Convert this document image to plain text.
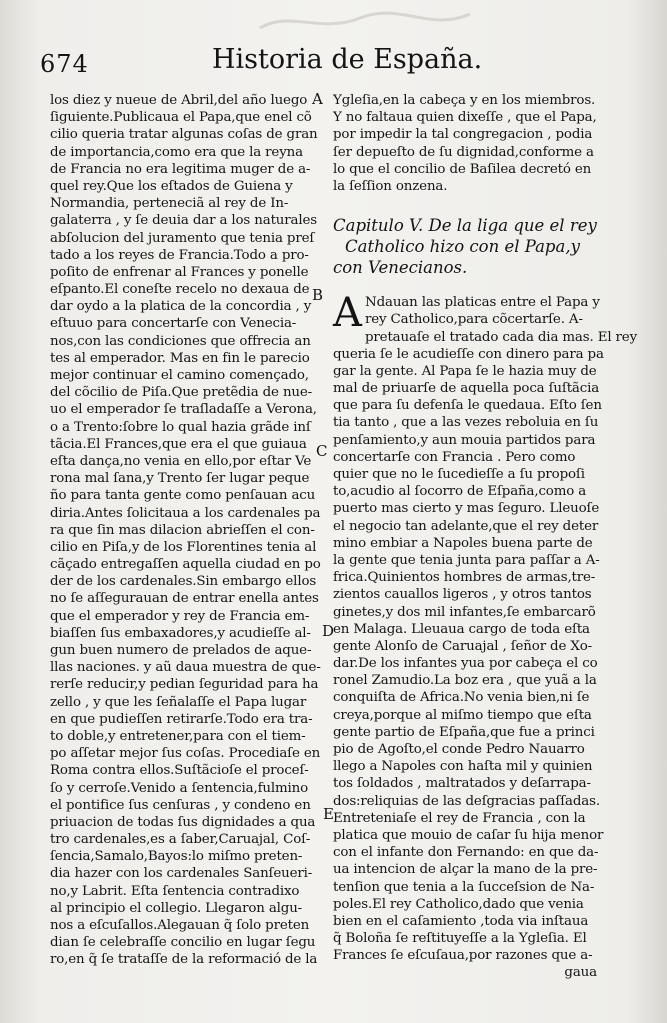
674	Historia de España.
los diez y nueue de Abril,del año luego
ſiguiente.Publicaua el Papa,que enel cõ
cilio queria tratar algunas coſas de gran
de importancia,como era que la reyna
de Francia no era legitima muger de a-
quel rey.Que los eſtados de Guiena y
Normandia, perteneciã al rey de In-
galaterra , y ſe deuia dar a los naturales
abſolucion del juramento que tenia preſ
tado a los reyes de Francia.Todo a pro-
poſito de enfrenar al Frances y ponelle
eſpanto.El coneſte recelo no dexaua de
dar oydo a la platica de la concordia , y
eſtuuo para concertarſe con Venecia-
nos,con las condiciones que offrecia an
tes al emperador. Mas en fin le parecio
mejor continuar el camino començado,
del cõcilio de Piſa.Que pretẽdia de nue-
uo el emperador ſe traſladaſſe a Verona,
o a Trento:ſobre lo qual hazia grãde inſ
tãcia.El Frances,que era el que guiaua
eſta dança,no venia en ello,por eſtar Ve
rona mal ſana,y Trento ſer lugar peque
ño para tanta gente como penſauan acu
diria.Antes ſolicitaua a los cardenales pa
ra que ſin mas dilacion abrieſſen el con-
cilio en Piſa,y de los Florentines tenia al
cãçado entregaſſen aquella ciudad en po
der de los cardenales.Sin embargo ellos
no ſe aſſegurauan de entrar enella antes
que el emperador y rey de Francia em-
biaſſen ſus embaxadores,y acudieſſe al-
gun buen numero de prelados de aque-
llas naciones. y aũ daua muestra de que-
rerſe reducir,y pedian ſeguridad para ha
zello , y que les ſeñalaſſe el Papa lugar
en que pudieſſen retirarſe.Todo era tra-
to doble,y entretener,para con el tiem-
po aſſetar mejor ſus coſas. Procediaſe en
Roma contra ellos.Suſtãcioſe el proceſ-
ſo y cerroſe.Venido a ſentencia,fulmino
el pontifice ſus cenſuras , y condeno en
priuacion de todas ſus dignidades a qua
tro cardenales,es a ſaber,Caruajal, Coſ-
ſencia,Samalo,Bayos:lo miſmo preten-
dia hazer con los cardenales Sanſeueri-
no,y Labrit. Eſta ſentencia contradixo
al principio el collegio. Llegaron algu-
nos a eſcuſallos.Alegauan q̃ ſolo preten
dian ſe celebraſſe concilio en lugar ſegu
ro,en q̃ ſe trataſſe de la reformació de la
A
B
C
D
E
Ygleſia,en la cabeça y en los miembros.
Y no faltaua quien dixeſſe , que el Papa,
por impedir la tal congregacion , podia
ſer depueſto de ſu dignidad,conforme a
lo que el concilio de Baſilea decretó en
la ſeſſion onzena.
Capitulo V. De la liga que el rey
Catholico hizo con el Papa,y
con Venecianos.
A Ndauan las platicas entre el Papa y
rey Catholico,para cõcertarſe. A-
pretauaſe el tratado cada dia mas. El rey
queria ſe le acudieſſe con dinero para pa
gar la gente. Al Papa ſe le hazia muy de
mal de priuarſe de aquella poca ſuſtãcia
que para ſu defenſa le quedaua. Eſto ſen
tia tanto , que a las vezes reboluia en ſu
penſamiento,y aun mouia partidos para
concertarſe con Francia . Pero como
quier que no le ſucedieſſe a ſu propoſi
to,acudio al ſocorro de Eſpaña,como a
puerto mas cierto y mas ſeguro. Lleuoſe
el negocio tan adelante,que el rey deter
mino embiar a Napoles buena parte de
la gente que tenia junta para paſſar a A-
frica.Quinientos hombres de armas,tre-
zientos cauallos ligeros , y otros tantos
ginetes,y dos mil infantes,ſe embarcarõ
en Malaga. Lleuaua cargo de toda eſta
gente Alonſo de Caruajal , ſeñor de Xo-
dar.De los infantes yua por cabeça el co
ronel Zamudio.La boz era , que yuã a la
conquiſta de Africa.No venia bien,ni ſe
creya,porque al miſmo tiempo que eſta
gente partio de Eſpaña,que fue a princi
pio de Agoſto,el conde Pedro Nauarro
llego a Napoles con haſta mil y quinien
tos ſoldados , maltratados y deſarrapa-
dos:reliquias de las deſgracias paſſadas.
Entreteniaſe el rey de Francia , con la
platica que mouio de caſar ſu hija menor
con el infante don Fernando: en que da-
ua intencion de alçar la mano de la pre-
tenſion que tenia a la ſucceſsion de Na-
poles.El rey Catholico,dado que venia
bien en el caſamiento ,toda via inſtaua
q̃ Boloña ſe reſtituyeſſe a la Ygleſia. El
Frances ſe eſcuſaua,por razones que a-
gaua
